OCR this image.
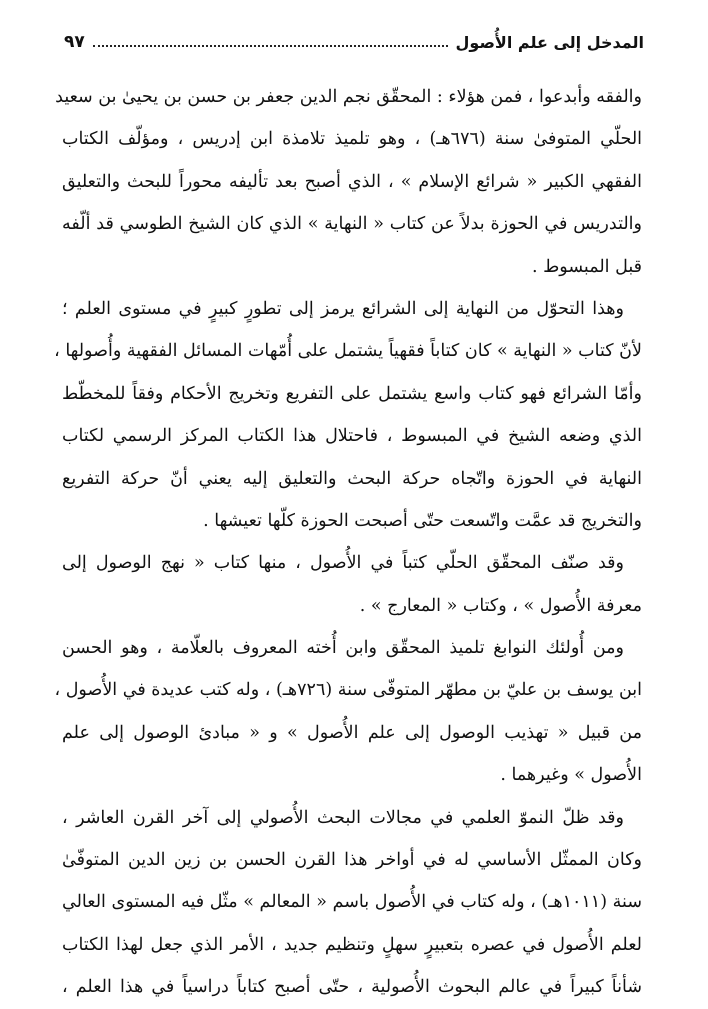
المدخل إلى علم الأُصول
٩٧
والفقه وأبدعوا ، فمن هؤلاء : المحقّق نجم الدين جعفر بن حسن بن يحيىٰ بن سعيد
الحلّي المتوفىٰ سنة (٦٧٦هـ) ، وهو تلميذ تلامذة ابن إدريس ، ومؤلّف الكتاب
الفقهي الكبير « شرائع الإسلام » ، الذي أصبح بعد تأليفه محوراً للبحث والتعليق
والتدريس في الحوزة بدلاً عن كتاب « النهاية » الذي كان الشيخ الطوسي قد ألّفه
قبل المبسوط .
وهذا التحوّل من النهاية إلى الشرائع يرمز إلى تطورٍ كبيرٍ في مستوى العلم ؛
لأنّ كتاب « النهاية » كان كتاباً فقهياً يشتمل على أُمّهات المسائل الفقهية وأُصولها ،
وأمّا الشرائع فهو كتاب واسع يشتمل على التفريع وتخريج الأحكام وفقاً للمخطّط
الذي وضعه الشيخ في المبسوط ، فاحتلال هذا الكتاب المركز الرسمي لكتاب
النهاية في الحوزة واتّجاه حركة البحث والتعليق إليه يعني أنّ حركة التفريع
والتخريج قد عمَّت واتّسعت حتّى أصبحت الحوزة كلّها تعيشها .
وقد صنّف المحقّق الحلّي كتباً في الأُصول ، منها كتاب « نهج الوصول إلى
معرفة الأُصول » ، وكتاب « المعارج » .
ومن أُولئك النوابغ تلميذ المحقّق وابن أُخته المعروف بالعلّامة ، وهو الحسن
ابن يوسف بن عليّ بن مطهّر المتوفّى سنة (٧٢٦هـ) ، وله كتب عديدة في الأُصول ،
من قبيل « تهذيب الوصول إلى علم الأُصول » و « مبادئ الوصول إلى علم
الأُصول » وغيرهما .
وقد ظلّ النموّ العلمي في مجالات البحث الأُصولي إلى آخر القرن العاشر ،
وكان الممثّل الأساسي له في أواخر هذا القرن الحسن بن زين الدين المتوفّىٰ
سنة (١٠١١هـ) ، وله كتاب في الأُصول باسم « المعالم » مثّل فيه المستوى العالي
لعلم الأُصول في عصره بتعبيرٍ سهلٍ وتنظيم جديد ، الأمر الذي جعل لهذا الكتاب
شأناً كبيراً في عالم البحوث الأُصولية ، حتّى أصبح كتاباً دراسياً في هذا العلم ،
